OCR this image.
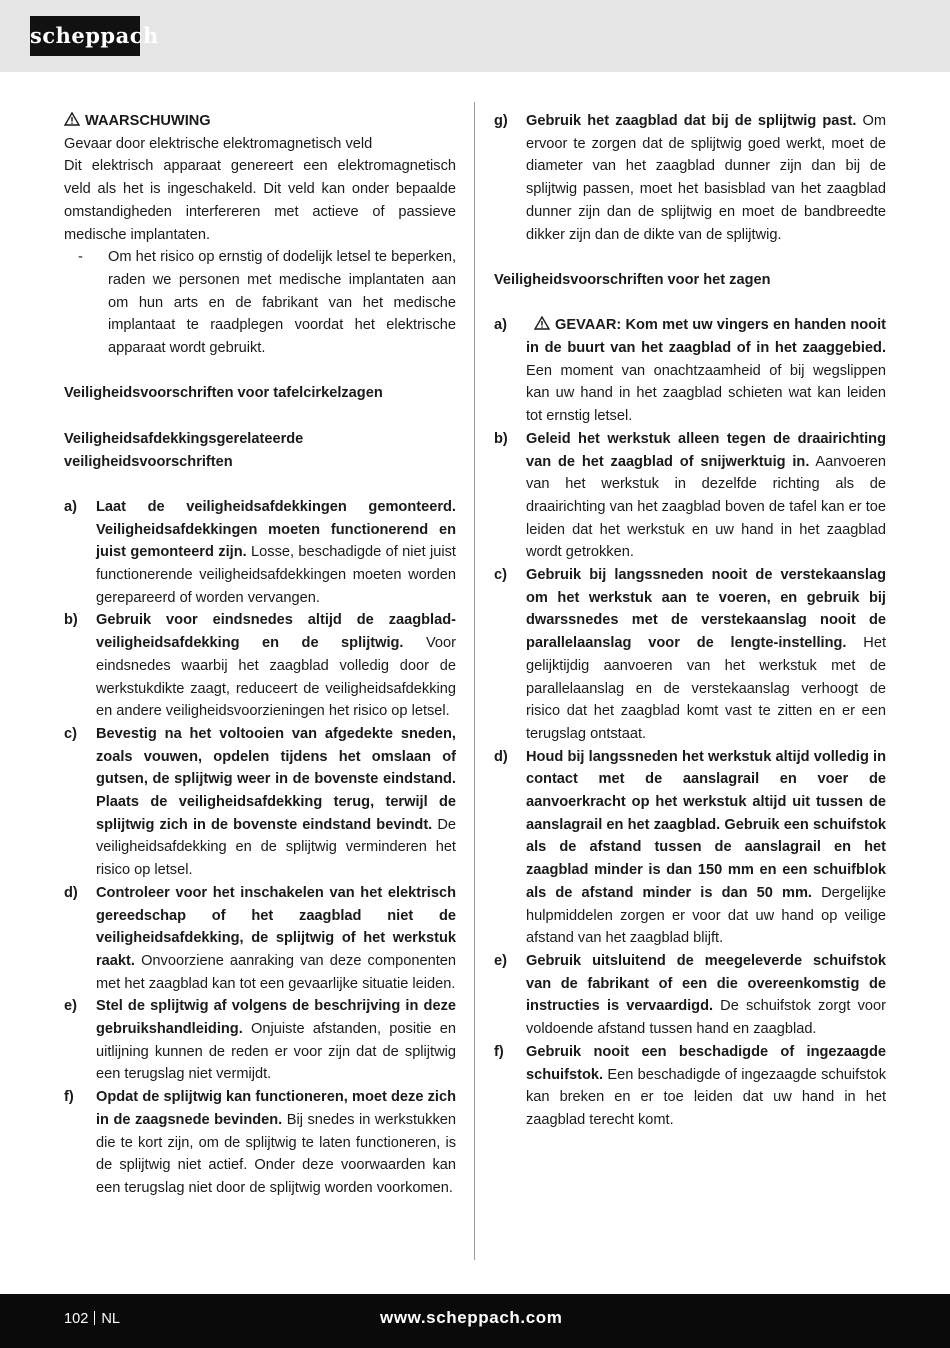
scheppach

WAARSCHUWING

Gevaar door elektrische elektromagnetisch veld

Dit elektrisch apparaat genereert een elektromagnetisch veld als het is ingeschakeld. Dit veld kan onder bepaalde omstandigheden interfereren met actieve of passieve medische implantaten.

-	Om het risico op ernstig of dodelijk letsel te beperken, raden we personen met medische implantaten aan om hun arts en de fabrikant van het medische implantaat te raadplegen voordat het elektrische apparaat wordt gebruikt.

Veiligheidsvoorschriften voor tafelcirkelzagen

Veiligheidsafdekkingsgerelateerde veiligheidsvoorschriften

a)	Laat de veiligheidsafdekkingen gemonteerd. Veiligheidsafdekkingen moeten functionerend en juist gemonteerd zijn. Losse, beschadigde of niet juist functionerende veiligheidsafdekkingen moeten worden gerepareerd of worden vervangen.
b)	Gebruik voor eindsnedes altijd de zaagblad-veiligheidsafdekking en de splijtwig. Voor eindsnedes waarbij het zaagblad volledig door de werkstukdikte zaagt, reduceert de veiligheidsafdekking en andere veiligheidsvoorzieningen het risico op letsel.
c)	Bevestig na het voltooien van afgedekte sneden, zoals vouwen, opdelen tijdens het omslaan of gutsen, de splijtwig weer in de bovenste eindstand. Plaats de veiligheidsafdekking terug, terwijl de splijtwig zich in de bovenste eindstand bevindt. De veiligheidsafdekking en de splijtwig verminderen het risico op letsel.
d)	Controleer voor het inschakelen van het elektrisch gereedschap of het zaagblad niet de veiligheidsafdekking, de splijtwig of het werkstuk raakt. Onvoorziene aanraking van deze componenten met het zaagblad kan tot een gevaarlijke situatie leiden.
e)	Stel de splijtwig af volgens de beschrijving in deze gebruikshandleiding. Onjuiste afstanden, positie en uitlijning kunnen de reden er voor zijn dat de splijtwig een terugslag niet vermijdt.
f)	Opdat de splijtwig kan functioneren, moet deze zich in de zaagsnede bevinden. Bij snedes in werkstukken die te kort zijn, om de splijtwig te laten functioneren, is de splijtwig niet actief. Onder deze voorwaarden kan een terugslag niet door de splijtwig worden voorkomen.
g)	Gebruik het zaagblad dat bij de splijtwig past. Om ervoor te zorgen dat de splijtwig goed werkt, moet de diameter van het zaagblad dunner zijn dan bij de splijtwig passen, moet het basisblad van het zaagblad dunner zijn dan de splijtwig en moet de bandbreedte dikker zijn dan de dikte van de splijtwig.

Veiligheidsvoorschriften voor het zagen

a)	GEVAAR: Kom met uw vingers en handen nooit in de buurt van het zaagblad of in het zaaggebied. Een moment van onachtzaamheid of bij wegslippen kan uw hand in het zaagblad schieten wat kan leiden tot ernstig letsel.
b)	Geleid het werkstuk alleen tegen de draairichting van de het zaagblad of snijwerktuig in. Aanvoeren van het werkstuk in dezelfde richting als de draairichting van het zaagblad boven de tafel kan er toe leiden dat het werkstuk en uw hand in het zaagblad wordt getrokken.
c)	Gebruik bij langssneden nooit de verstekaanslag om het werkstuk aan te voeren, en gebruik bij dwarssnedes met de verstekaanslag nooit de parallelaanslag voor de lengte-instelling. Het gelijktijdig aanvoeren van het werkstuk met de parallelaanslag en de verstekaanslag verhoogt de risico dat het zaagblad komt vast te zitten en er een terugslag ontstaat.
d)	Houd bij langssneden het werkstuk altijd volledig in contact met de aanslagrail en voer de aanvoerkracht op het werkstuk altijd uit tussen de aanslagrail en het zaagblad. Gebruik een schuifstok als de afstand tussen de aanslagrail en het zaagblad minder is dan 150 mm en een schuifblok als de afstand minder is dan 50 mm. Dergelijke hulpmiddelen zorgen er voor dat uw hand op veilige afstand van het zaagblad blijft.
e)	Gebruik uitsluitend de meegeleverde schuifstok van de fabrikant of een die overeenkomstig de instructies is vervaardigd. De schuifstok zorgt voor voldoende afstand tussen hand en zaagblad.
f)	Gebruik nooit een beschadigde of ingezaagde schuifstok. Een beschadigde of ingezaagde schuifstok kan breken en er toe leiden dat uw hand in het zaagblad terecht komt.
102 NL	www.scheppach.com
